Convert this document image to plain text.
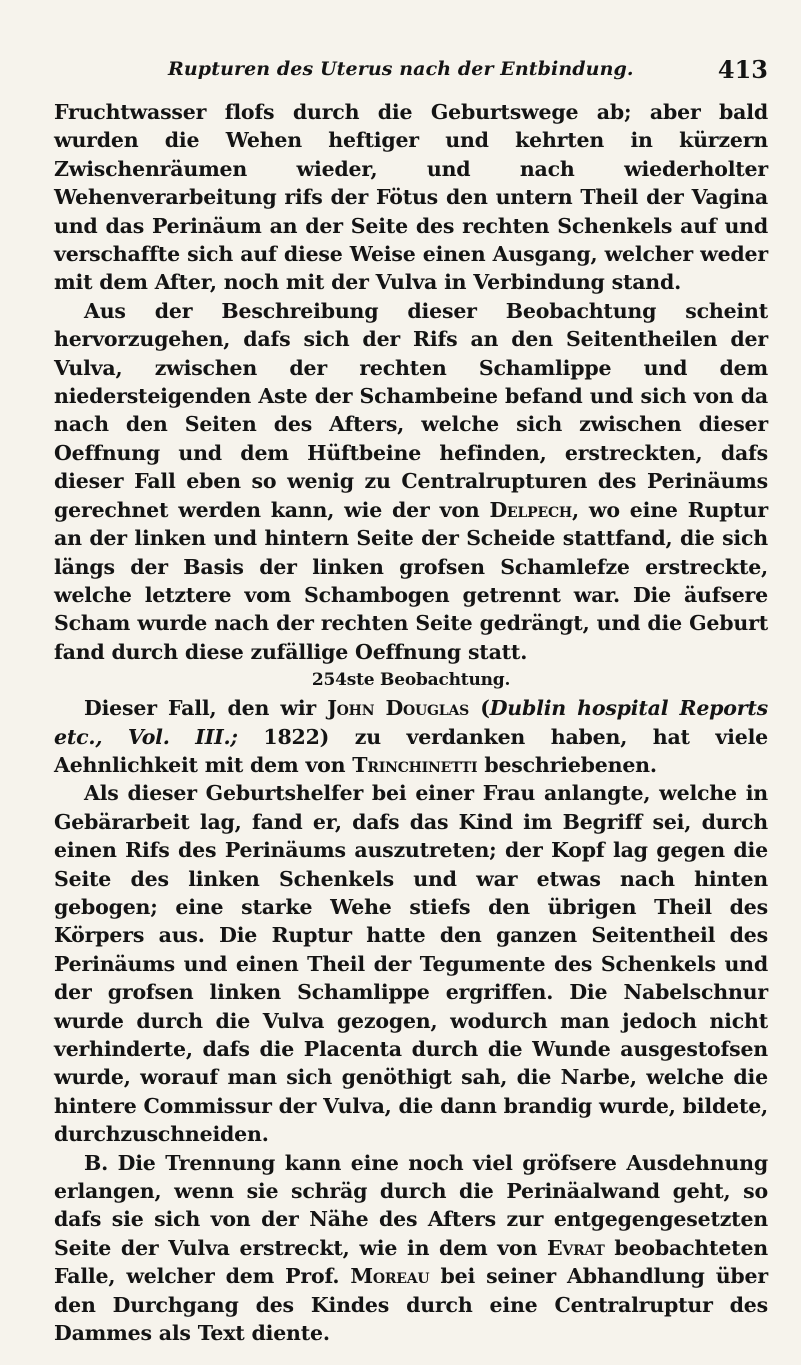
Rupturen des Uterus nach der Entbindung.	413

Fruchtwasser flofs durch die Geburtswege ab; aber bald wurden die Wehen heftiger und kehrten in kürzern Zwischenräumen wieder, und nach wiederholter Wehenverarbeitung rifs der Fötus den untern Theil der Vagina und das Perinäum an der Seite des rechten Schenkels auf und verschaffte sich auf diese Weise einen Ausgang, welcher weder mit dem After, noch mit der Vulva in Verbindung stand.

Aus der Beschreibung dieser Beobachtung scheint hervorzugehen, dafs sich der Rifs an den Seitentheilen der Vulva, zwischen der rechten Schamlippe und dem niedersteigenden Aste der Schambeine befand und sich von da nach den Seiten des Afters, welche sich zwischen dieser Oeffnung und dem Hüftbeine hefinden, erstreckten, dafs dieser Fall eben so wenig zu Centralrupturen des Perinäums gerechnet werden kann, wie der von Delpech, wo eine Ruptur an der linken und hintern Seite der Scheide stattfand, die sich längs der Basis der linken grofsen Schamlefze erstreckte, welche letztere vom Schambogen getrennt war. Die äufsere Scham wurde nach der rechten Seite gedrängt, und die Geburt fand durch diese zufällige Oeffnung statt.

254ste Beobachtung.

Dieser Fall, den wir John Douglas (Dublin hospital Reports etc., Vol. III.; 1822) zu verdanken haben, hat viele Aehnlichkeit mit dem von Trinchinetti beschriebenen.

Als dieser Geburtshelfer bei einer Frau anlangte, welche in Gebärarbeit lag, fand er, dafs das Kind im Begriff sei, durch einen Rifs des Perinäums auszutreten; der Kopf lag gegen die Seite des linken Schenkels und war etwas nach hinten gebogen; eine starke Wehe stiefs den übrigen Theil des Körpers aus. Die Ruptur hatte den ganzen Seitentheil des Perinäums und einen Theil der Tegumente des Schenkels und der grofsen linken Schamlippe ergriffen. Die Nabelschnur wurde durch die Vulva gezogen, wodurch man jedoch nicht verhinderte, dafs die Placenta durch die Wunde ausgestofsen wurde, worauf man sich genöthigt sah, die Narbe, welche die hintere Commissur der Vulva, die dann brandig wurde, bildete, durchzuschneiden.

B. Die Trennung kann eine noch viel gröfsere Ausdehnung erlangen, wenn sie schräg durch die Perinäalwand geht, so dafs sie sich von der Nähe des Afters zur entgegengesetzten Seite der Vulva erstreckt, wie in dem von Evrat beobachteten Falle, welcher dem Prof. Moreau bei seiner Abhandlung über den Durchgang des Kindes durch eine Centralruptur des Dammes als Text diente.
